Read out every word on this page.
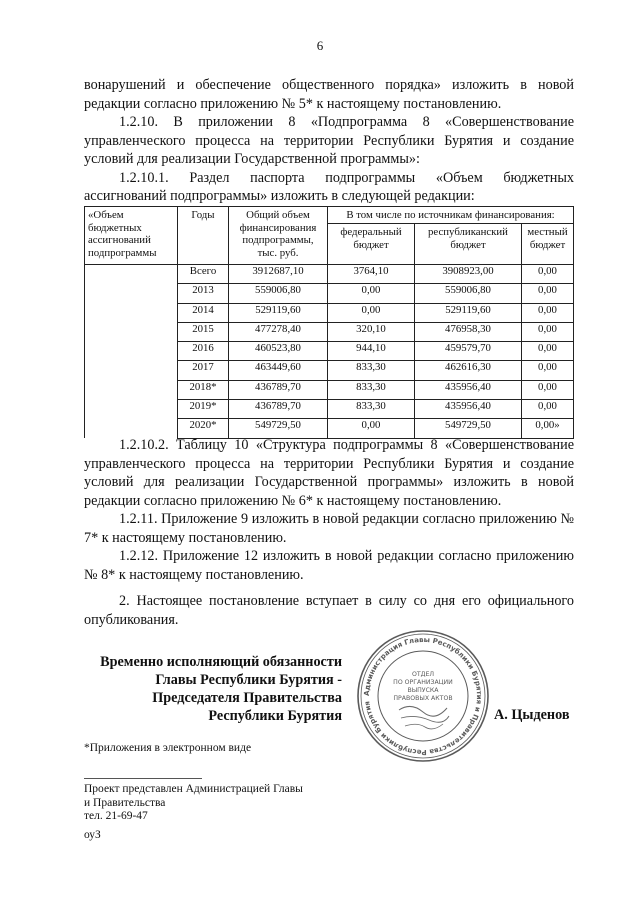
6

вонарушений и обеспечение общественного порядка» изложить в новой редакции согласно приложению № 5* к настоящему постановлению.

1.2.10. В приложении 8 «Подпрограмма 8 «Совершенствование управленческого процесса на территории Республики Бурятия и создание условий для реализации Государственной программы»:

1.2.10.1. Раздел паспорта подпрограммы «Объем бюджетных ассигнований подпрограммы» изложить в следующей редакции:

«Объем бюджетных ассигнований подпрограммы	Годы	Общий объем финансирования подпрограммы, тыс. руб.	В том числе по источникам финансирования:		
			федеральный бюджет	республиканский бюджет	местный бюджет
	Всего	3912687,10	3764,10	3908923,00	0,00
	2013	559006,80	0,00	559006,80	0,00
	2014	529119,60	0,00	529119,60	0,00
	2015	477278,40	320,10	476958,30	0,00
	2016	460523,80	944,10	459579,70	0,00
	2017	463449,60	833,30	462616,30	0,00
	2018*	436789,70	833,30	435956,40	0,00
	2019*	436789,70	833,30	435956,40	0,00
	2020*	549729,50	0,00	549729,50	0,00»

1.2.10.2. Таблицу 10 «Структура подпрограммы 8 «Совершенствование управленческого процесса на территории Республики Бурятия и создание условий для реализации Государственной программы» изложить в новой редакции согласно приложению № 6* к настоящему постановлению.

1.2.11. Приложение 9 изложить в новой редакции согласно приложению № 7* к настоящему постановлению.

1.2.12. Приложение 12 изложить в новой редакции согласно приложению № 8* к настоящему постановлению.

2. Настоящее постановление вступает в силу со дня его официального опубликования.

Временно исполняющий обязанности
Главы Республики Бурятия -
Председателя Правительства
Республики Бурятия
Администрация Главы Республики Бурятия и Правительства Республики Бурятия
ОТДЕЛ
ПО ОРГАНИЗАЦИИ
ВЫПУСКА
ПРАВОВЫХ АКТОВ
А. Цыденов
*Приложения в электронном виде
Проект представлен Администрацией Главы
и Правительства
тел. 21-69-47
оуЗ
